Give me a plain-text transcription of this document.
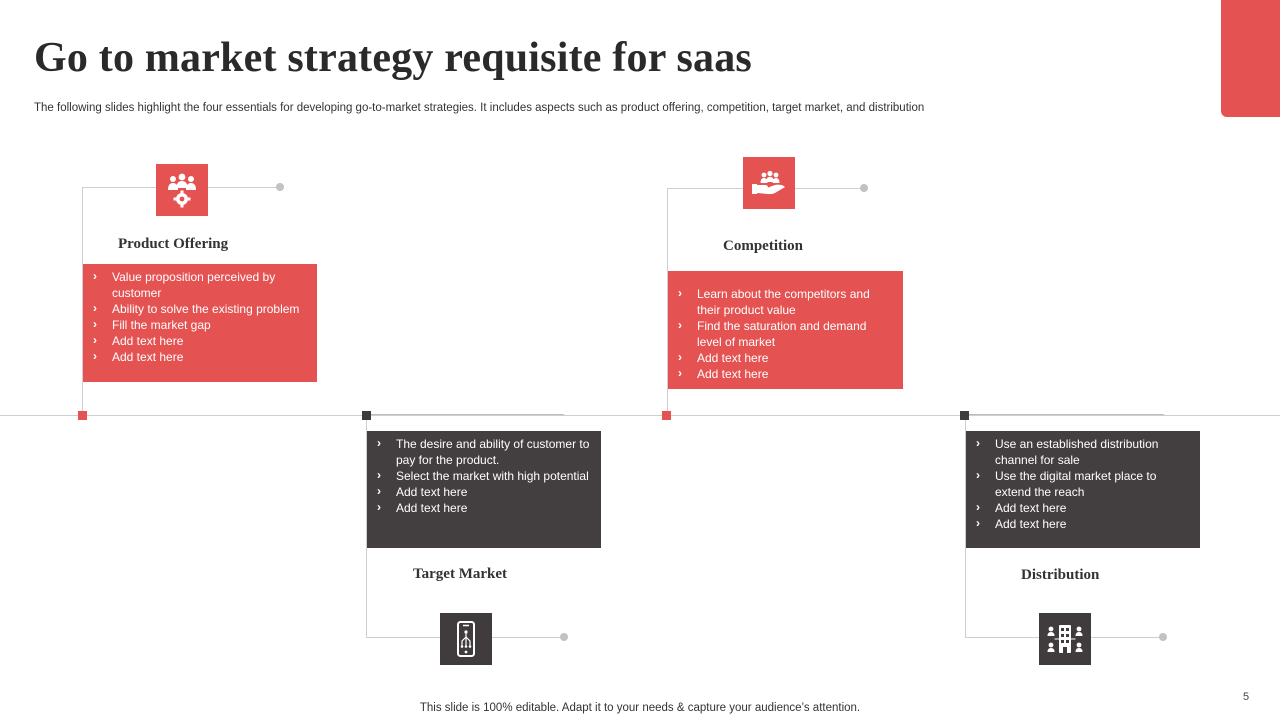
Go to market strategy requisite for saas
The following slides highlight the four essentials for developing go-to-market strategies. It includes aspects such as product offering, competition, target market, and distribution
Product Offering
› Value proposition perceived by customer
› Ability to solve the existing problem
› Fill the market gap
› Add text here
› Add text here
› The desire and ability of customer to pay for the product.
› Select the market with high potential
› Add text here
› Add text here
Target Market
Competition
› Learn about the competitors and their product value
› Find the saturation and demand level of market
› Add text here
› Add text here
› Use an established distribution channel for sale
› Use the digital market place to extend the reach
› Add text here
› Add text here
Distribution
This slide is 100% editable. Adapt it to your needs & capture your audience’s attention.
5
